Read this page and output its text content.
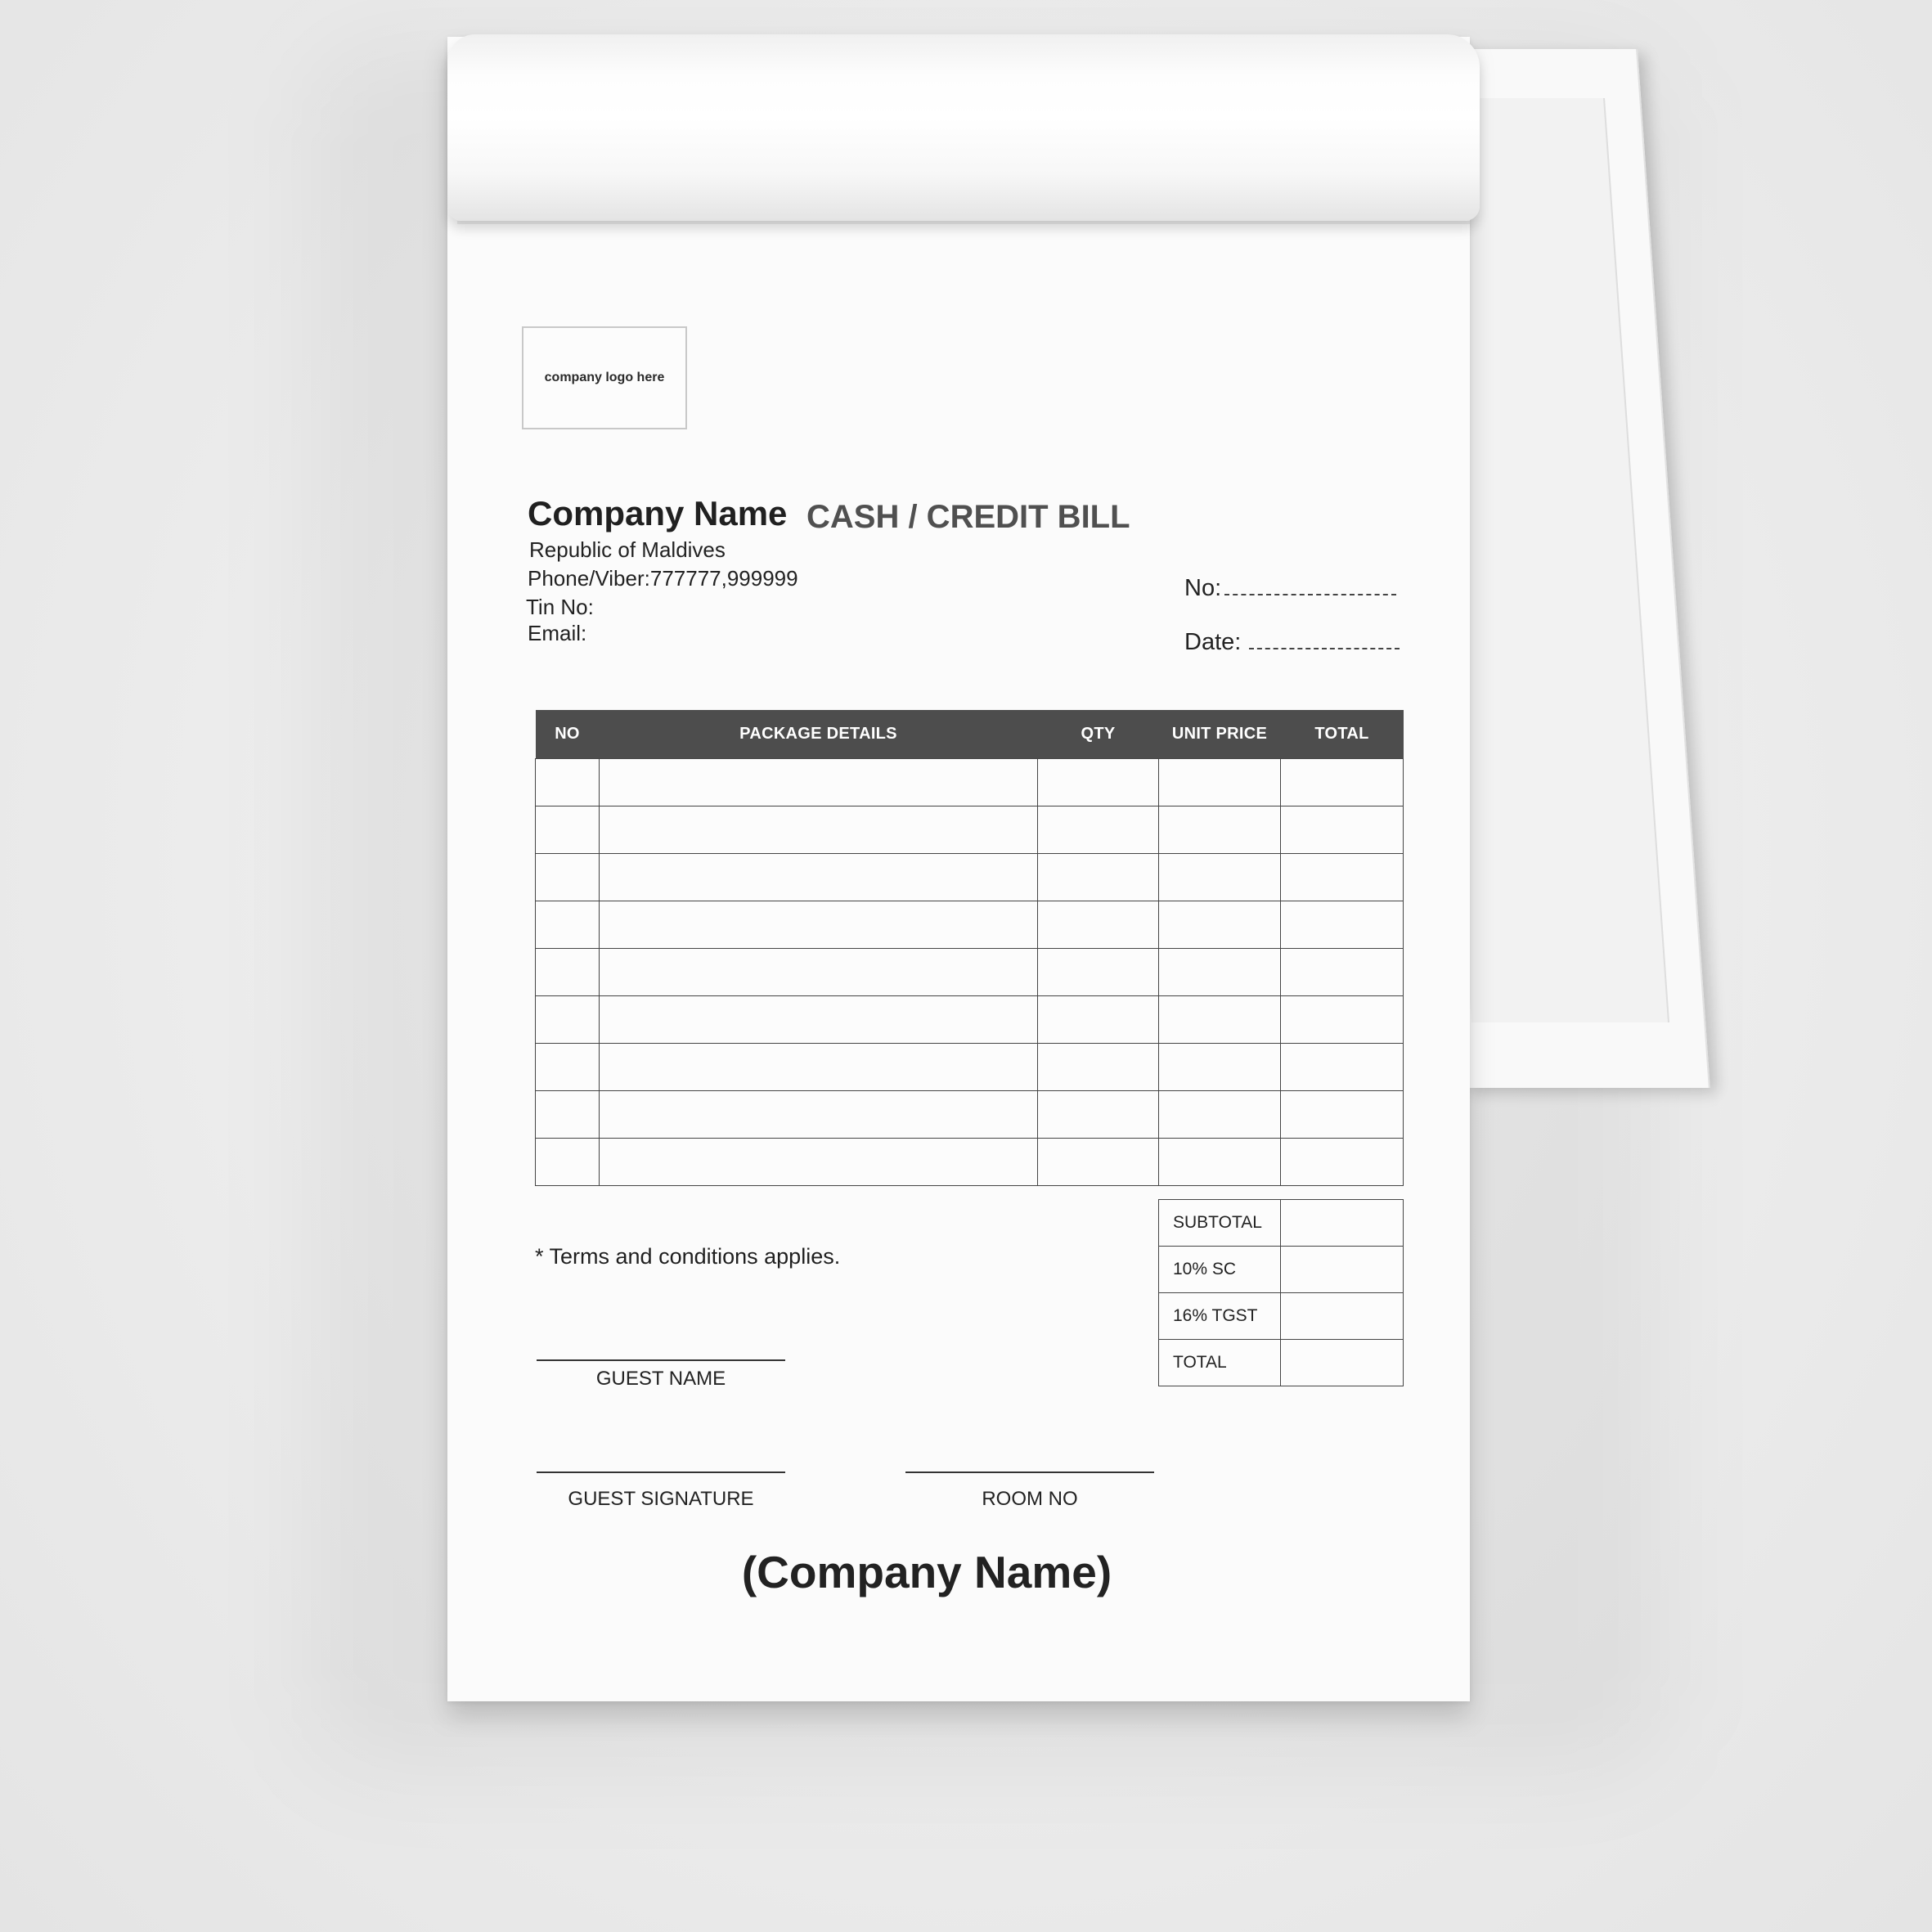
company logo here
Company Name CASH / CREDIT BILL
Republic of Maldives
Phone/Viber:777777,999999
Tin No:
Email:
No:
Date:
NO	PACKAGE DETAILS	QTY	UNIT PRICE	TOTAL

SUBTOTAL	
10% SC	
16% TGST	
TOTAL	
* Terms and conditions applies.
GUEST NAME
GUEST SIGNATURE	ROOM NO
(Company Name)
